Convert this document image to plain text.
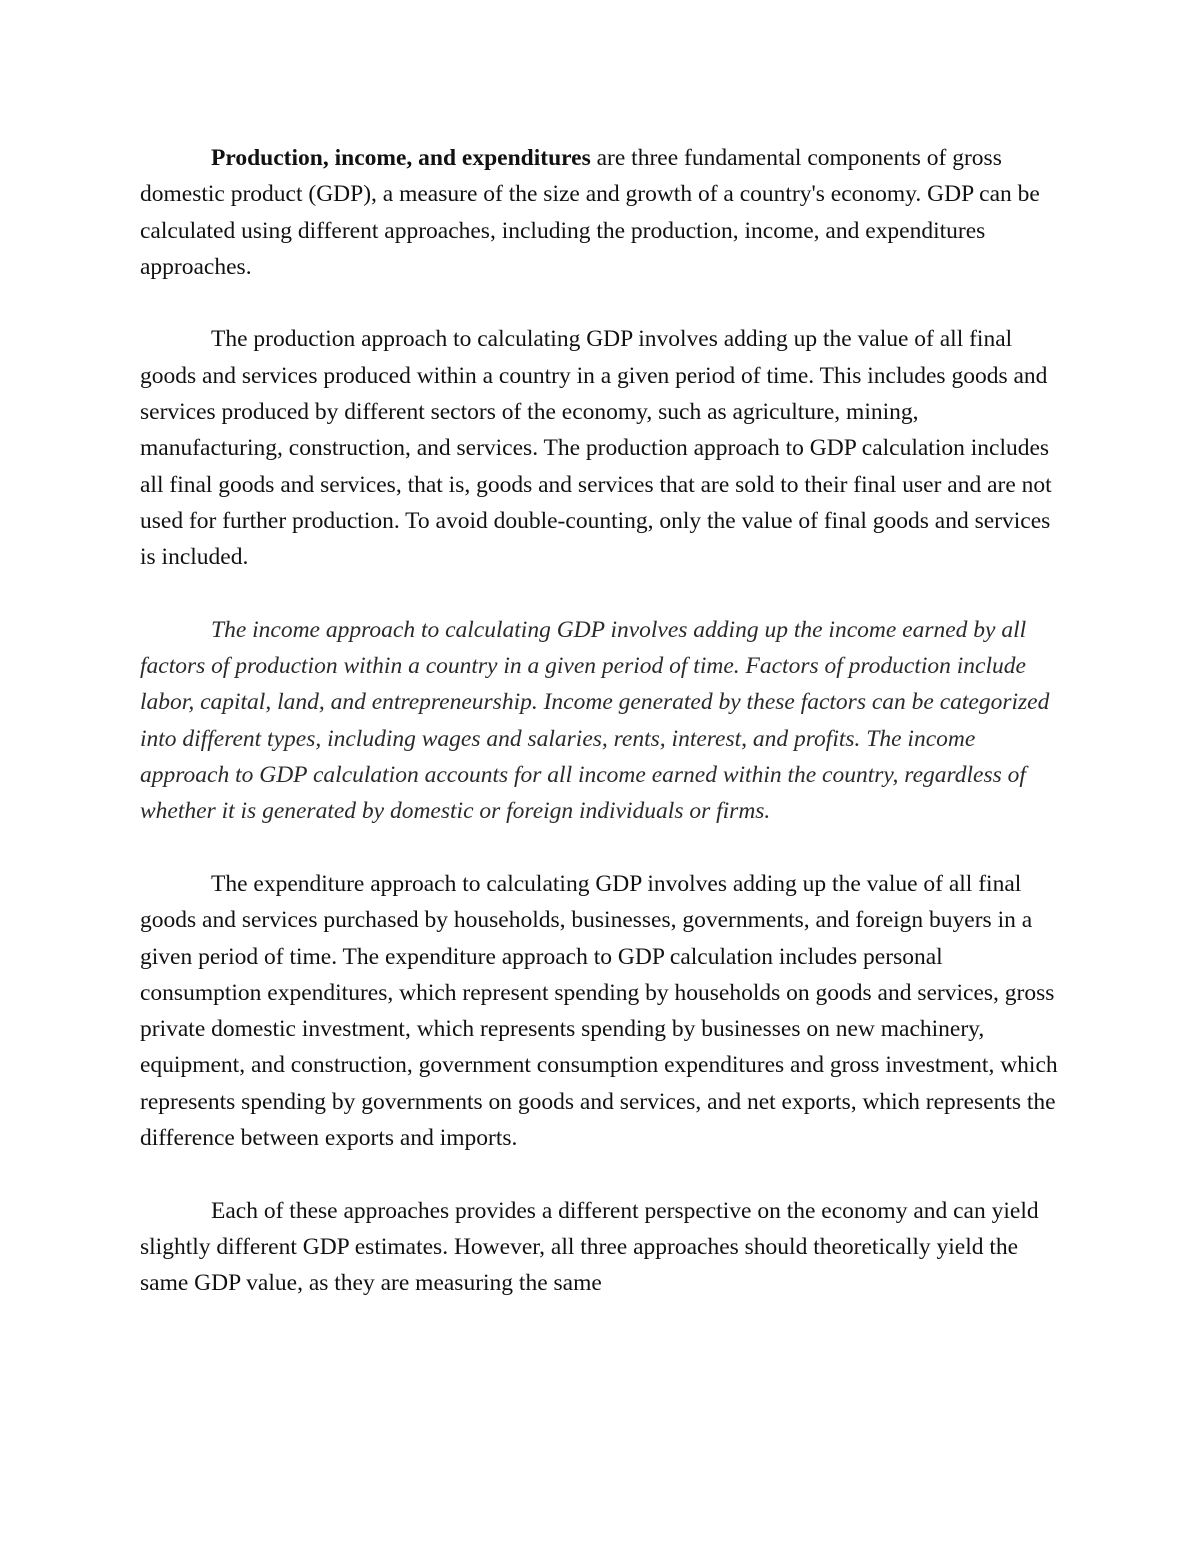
Production, income, and expenditures are three fundamental components of gross domestic product (GDP), a measure of the size and growth of a country's economy. GDP can be calculated using different approaches, including the production, income, and expenditures approaches.

The production approach to calculating GDP involves adding up the value of all final goods and services produced within a country in a given period of time. This includes goods and services produced by different sectors of the economy, such as agriculture, mining, manufacturing, construction, and services. The production approach to GDP calculation includes all final goods and services, that is, goods and services that are sold to their final user and are not used for further production. To avoid double-counting, only the value of final goods and services is included.

The income approach to calculating GDP involves adding up the income earned by all factors of production within a country in a given period of time. Factors of production include labor, capital, land, and entrepreneurship. Income generated by these factors can be categorized into different types, including wages and salaries, rents, interest, and profits. The income approach to GDP calculation accounts for all income earned within the country, regardless of whether it is generated by domestic or foreign individuals or firms.

The expenditure approach to calculating GDP involves adding up the value of all final goods and services purchased by households, businesses, governments, and foreign buyers in a given period of time. The expenditure approach to GDP calculation includes personal consumption expenditures, which represent spending by households on goods and services, gross private domestic investment, which represents spending by businesses on new machinery, equipment, and construction, government consumption expenditures and gross investment, which represents spending by governments on goods and services, and net exports, which represents the difference between exports and imports.

Each of these approaches provides a different perspective on the economy and can yield slightly different GDP estimates. However, all three approaches should theoretically yield the same GDP value, as they are measuring the same
